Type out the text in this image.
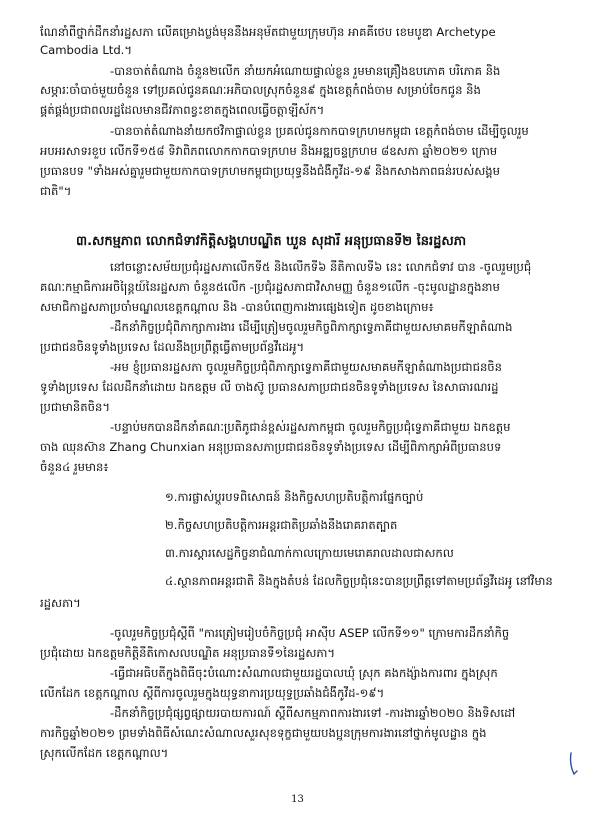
ណែនាំពីថ្នាក់ដឹកនាំរដ្ឋសភា លើគម្រោងប្លង់មុននឹងអនុម័តជាមួយក្រុមហ៊ុន អាគគីថេប ខេមបូឌា Archetype
Cambodia Ltd.។
-បានចាត់តំណាង ចំនួន២លើក នាំយកអំណោយផ្ទាល់ខ្លួន រួមមានគ្រឿងឧបភោគ បរិភោគ និង
សម្ភារៈចាំបាច់មួយចំនួន ទៅប្រគល់ជូនគណៈអភិបាលស្រុកចំនួន៩ ក្នុងខេត្តកំពង់ចាម សម្រាប់ចែកជូន និង
ផ្គត់ផ្គង់ប្រជាពលរដ្ឋដែលមានជីវភាពខ្វះខាតក្នុងពេលធ្វើចត្តាឡីស័ក។
-បានចាត់តំណាងនាំយកថវិកាផ្ទាល់ខ្លួន ប្រគល់ជូនកាកបាទក្រហមកម្ពុជា ខេត្តកំពង់ចាម ដើម្បីចូលរួម
អបអរសាទរខួប លើកទី១៥៨ ទិវាពិភពលោកកាកបាទក្រហម និងអឌ្ឍចន្ទក្រហម ៨ឧសភា ឆ្នាំ២០២១ ក្រោម
ប្រធានបទ "ទាំងអស់គ្នារួមជាមួយកាកបាទក្រហមកម្ពុជាប្រយុទ្ធនឹងជំងឺកូវីដ-១៩ និងកសាងភាពធន់របស់សង្គម
ជាតិ"។
៣.សកម្មភាព លោកជំទាវកិត្តិសង្គហបណ្ឌិត ឃួន សុដារី អនុប្រធានទី២ នៃរដ្ឋសភា
នៅចន្លោះសម័យប្រជុំរដ្ឋសភាលើកទី៥ និងលើកទី៦ នីតិកាលទី៦ នេះ លោកជំទាវ បាន -ចូលរួមប្រជុំ
គណៈកម្មាធិការអចិន្ត្រៃយ៍នៃរដ្ឋសភា ចំនួន៥លើក -ប្រជុំរដ្ឋសភាជាវិសាមញ្ញ ចំនួន១លើក -ចុះមូលដ្ឋានក្នុងនាម
សមាជិកាដ្ឋសភាប្រចាំមណ្ឌលខេត្តកណ្តាល និង -បានបំពេញការងារផ្សេងទៀត ដូចខាងក្រោម៖
-ដឹកនាំកិច្ចប្រជុំពិភាក្សាការងារ ដើម្បីត្រៀមចូលរួមកិច្ចពិភាក្សាទ្វេភាគីជាមួយសមាគមកីឡាតំណាង
ប្រជាជនចិនទូទាំងប្រទេស ដែលនឹងប្រព្រឹត្តធ្វើតាមប្រព័ន្ធវីដេអូ។
-អម ខ្ញុំប្រធានរដ្ឋសភា ចូលរួមកិច្ចប្រជុំពិភាក្សាទ្វេភាគីជាមួយសមាគមកីឡាតំណាងប្រជាជនចិន
ទូទាំងប្រទេស ដែលដឹកនាំដោយ ឯកឧត្តម លី ចាងស៊ូ ប្រធានសភាប្រជាជនចិនទូទាំងប្រទេស នៃសាធារណរដ្ឋ
ប្រជាមានិតចិន។
-បន្ទាប់មកបានដឹកនាំគណៈប្រតិភូជាន់ខ្ពស់រដ្ឋសភាកម្ពុជា ចូលរួមកិច្ចប្រជុំទ្វេភាគីជាមួយ ឯកឧត្តម
ចាង ឈុនស៊ាន Zhang Chunxian អនុប្រធានសភាប្រជាជនចិនទូទាំងប្រទេស ដើម្បីពិភាក្សាអំពីប្រធានបទ
ចំនួន៤ រួមមាន៖
១.ការផ្លាស់ប្តូរបទពិសោធន៍ និងកិច្ចសហប្រតិបត្តិការផ្នែកច្បាប់
២.កិច្ចសហប្រតិបត្តិការអន្តរជាតិប្រឆាំងនឹងរោគរាតត្បាត
៣.ការស្តារសេដ្ឋកិច្ចនាជំណាក់កាលក្រោយមេរោគរាលដាលជាសកល
៤.ស្ថានភាពអន្តរជាតិ និងក្នុងតំបន់ ដែលកិច្ចប្រជុំនេះបានប្រព្រឹត្តទៅតាមប្រព័ន្ធវីដេអូ នៅវិមាន
រដ្ឋសភា។
-ចូលរួមកិច្ចប្រជុំស្តីពី "ការត្រៀមរៀបចំកិច្ចប្រជុំ អាស៊ីប ASEP លើកទី១១" ក្រោមការដឹកនាំកិច្ច
ប្រជុំដោយ ឯកឧត្តមកិត្តិនីតិកោសលបណ្ឌិត អនុប្រធានទី១នៃរដ្ឋសភា។
-ធ្វើជាអធិបតីក្នុងពិធីចុះបំណោះសំណាលជាមួយរដ្ឋបាលឃុំ ស្រុក គងកង្ស៉ាងការពារ ក្នុងស្រុក
លើកដែក ខេត្តកណ្តាល ស្តីពីការចូលរួមក្នុងយុទ្ធនាការប្រយុទ្ធប្រឆាំងជំងឺកូវីដ-១៩។
-ដឹកនាំកិច្ចប្រជុំផ្សព្វផ្សាយរបាយការណ៍ ស្តីពីសកម្មភាពការងារទៅ -ការងារឆ្នាំ២០២០ និងទិសដៅ
ការកិច្ចឆ្នាំ២០២១ ព្រមទាំងពិធីសំណេះសំណាលសួរសុខទុក្ខជាមួយបងប្អូនក្រុមការងារនៅថ្នាក់មូលដ្ឋាន ក្នុង
ស្រុកលើកដែក ខេត្តកណ្តាល។
13
